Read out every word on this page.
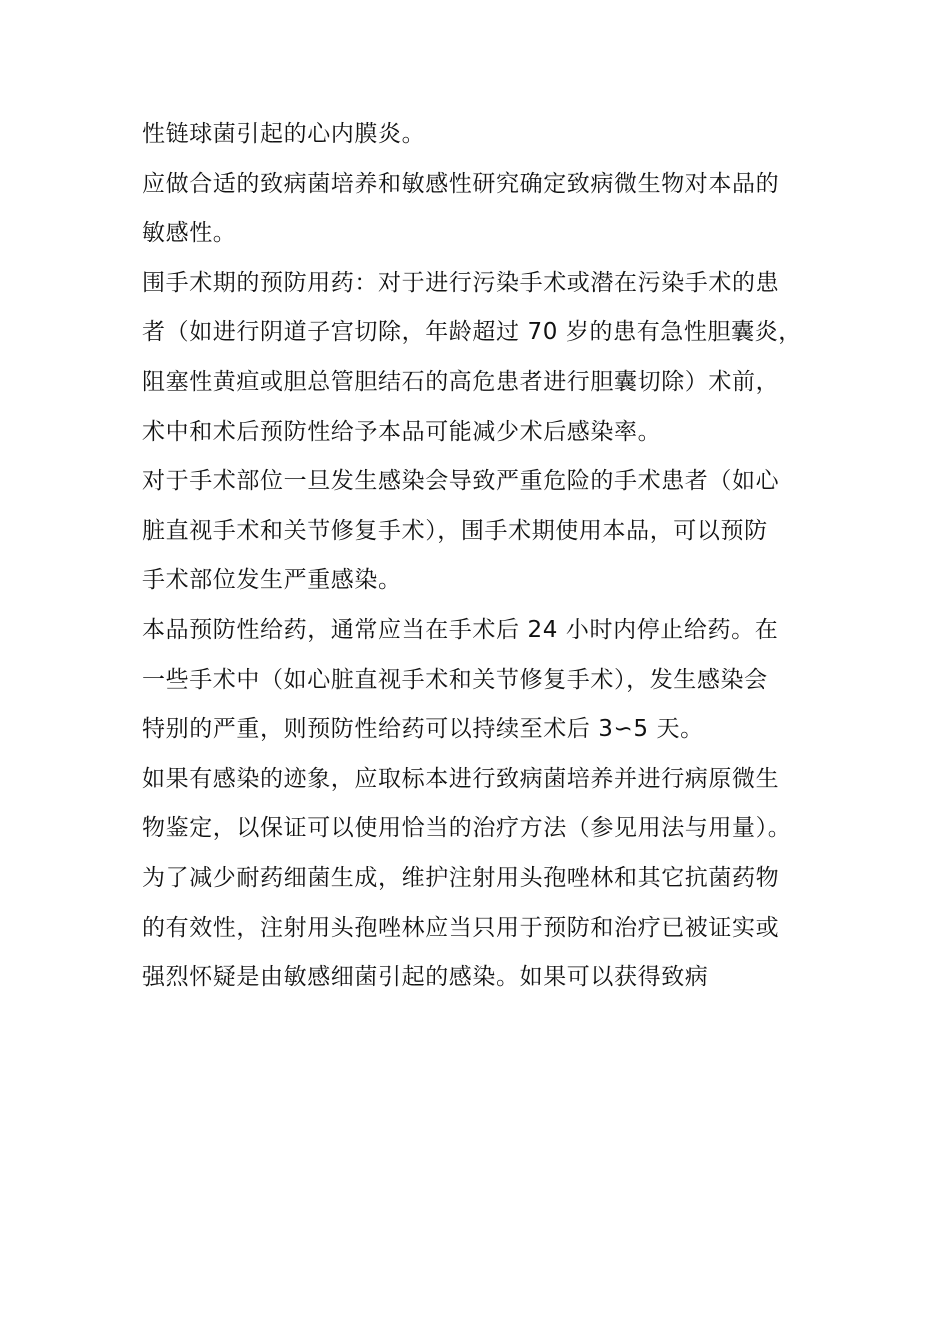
性链球菌引起的心内膜炎。
应做合适的致病菌培养和敏感性研究确定致病微生物对本品的
敏感性。
围手术期的预防用药：对于进行污染手术或潜在污染手术的患
者（如进行阴道子宫切除，年龄超过 70 岁的患有急性胆囊炎，
阻塞性黄疸或胆总管胆结石的高危患者进行胆囊切除）术前，
术中和术后预防性给予本品可能减少术后感染率。
对于手术部位一旦发生感染会导致严重危险的手术患者（如心
脏直视手术和关节修复手术），围手术期使用本品，可以预防
手术部位发生严重感染。
本品预防性给药，通常应当在手术后 24 小时内停止给药。在
一些手术中（如心脏直视手术和关节修复手术），发生感染会
特别的严重，则预防性给药可以持续至术后 3∽5 天。
如果有感染的迹象，应取标本进行致病菌培养并进行病原微生
物鉴定，以保证可以使用恰当的治疗方法（参见用法与用量）。
为了减少耐药细菌生成，维护注射用头孢唑林和其它抗菌药物
的有效性，注射用头孢唑林应当只用于预防和治疗已被证实或
强烈怀疑是由敏感细菌引起的感染。如果可以获得致病
